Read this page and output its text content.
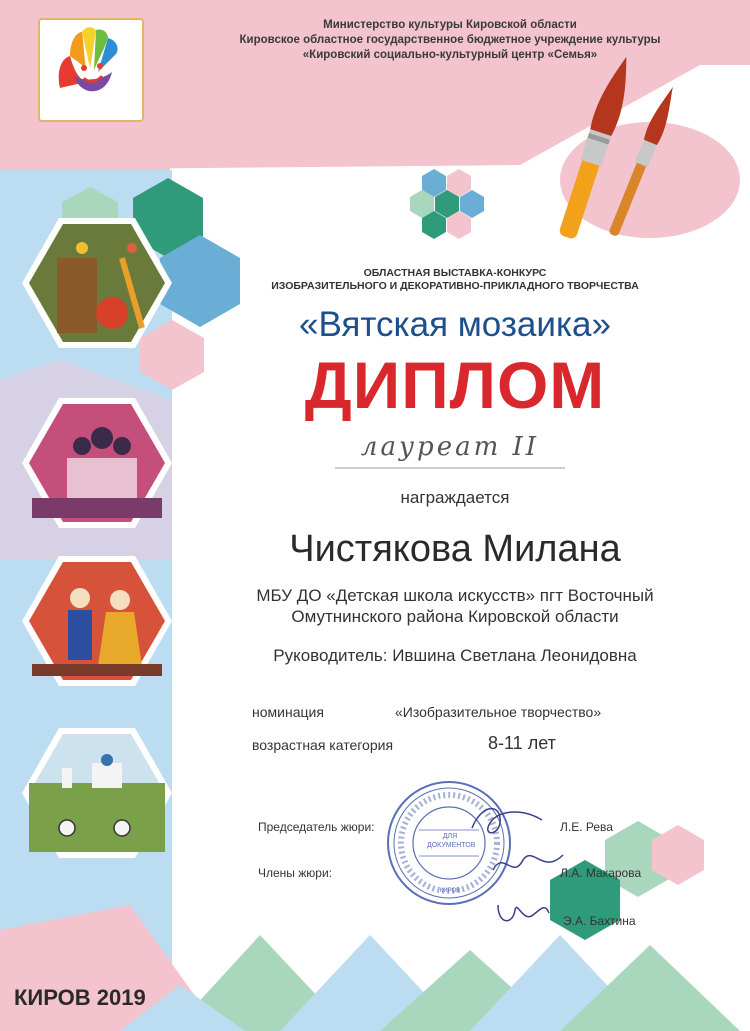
Министерство культуры Кировской области
Кировское областное государственное бюджетное учреждение культуры
«Кировский социально-культурный центр «Семья»
ОБЛАСТНАЯ ВЫСТАВКА-КОНКУРС
ИЗОБРАЗИТЕЛЬНОГО И ДЕКОРАТИВНО-ПРИКЛАДНОГО ТВОРЧЕСТВА
«Вятская мозаика»
ДИПЛОМ
лауреат II
награждается
Чистякова Милана
МБУ ДО «Детская школа искусств» пгт Восточный
Омутнинского района Кировской области
Руководитель: Ившина Светлана Леонидовна
номинация	«Изобразительное творчество»
возрастная категория	8-11 лет
ДЛЯ ДОКУМЕНТОВ
КИРОВ
Председатель жюри:	Л.Е. Рева
Члены жюри:	Л.А. Макарова
Э.А. Бахтина
КИРОВ 2019
